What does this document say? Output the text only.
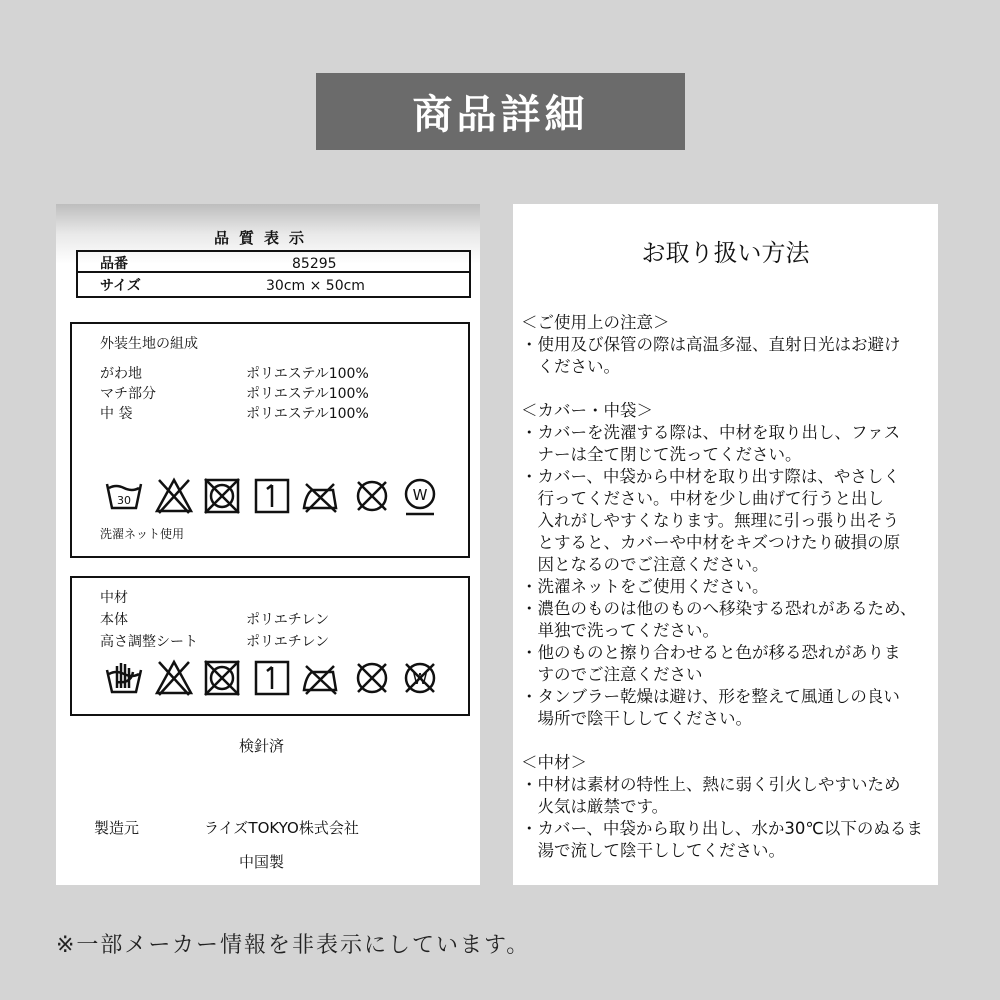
商品詳細
品質表示
品番	85295
サイズ	30cm × 50cm
外装生地の組成
がわ地	ポリエステル100%
マチ部分	ポリエステル100%
中 袋	ポリエステル100%
30	W
洗濯ネット使用
中材
本体	ポリエチレン
高さ調整シート	ポリエチレン
W
検針済
製造元	ライズTOKYO株式会社
中国製
お取り扱い方法
＜ご使用上の注意＞
・使用及び保管の際は高温多湿、直射日光はお避け
　ください。
＜カバー・中袋＞
・カバーを洗濯する際は、中材を取り出し、ファス
　ナーは全て閉じて洗ってください。
・カバー、中袋から中材を取り出す際は、やさしく
　行ってください。中材を少し曲げて行うと出し
　入れがしやすくなります。無理に引っ張り出そう
　とすると、カバーや中材をキズつけたり破損の原
　因となるのでご注意ください。
・洗濯ネットをご使用ください。
・濃色のものは他のものへ移染する恐れがあるため、
　単独で洗ってください。
・他のものと擦り合わせると色が移る恐れがありま
　すのでご注意ください
・タンブラー乾燥は避け、形を整えて風通しの良い
　場所で陰干ししてください。
＜中材＞
・中材は素材の特性上、熱に弱く引火しやすいため
　火気は厳禁です。
・カバー、中袋から取り出し、水か30℃以下のぬるま
　湯で流して陰干ししてください。
※一部メーカー情報を非表示にしています。
